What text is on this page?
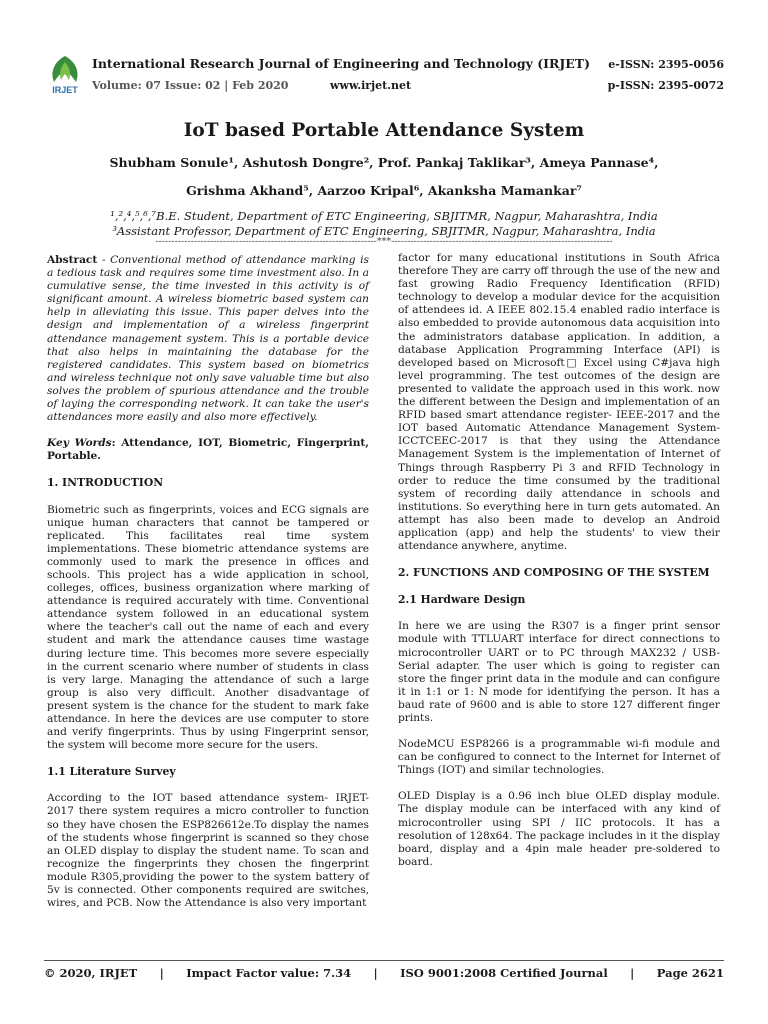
IRJET
International Research Journal of Engineering and Technology (IRJET)
Volume: 07 Issue: 02 | Feb 2020	www.irjet.net
e-ISSN: 2395-0056
p-ISSN: 2395-0072
IoT based Portable Attendance System
Shubham Sonule¹, Ashutosh Dongre², Prof. Pankaj Taklikar³, Ameya Pannase⁴,
Grishma Akhand⁵, Aarzoo Kripal⁶, Akanksha Mamankar⁷
¹,²,⁴,⁵,⁶,⁷B.E. Student, Department of ETC Engineering, SBJITMR, Nagpur, Maharashtra, India
³Assistant Professor, Department of ETC Engineering, SBJITMR, Nagpur, Maharashtra, India
---------------------------------------------------------------------***---------------------------------------------------------------------

Abstract - Conventional method of attendance marking is a tedious task and requires some time investment also. In a cumulative sense, the time invested in this activity is of significant amount. A wireless biometric based system can help in alleviating this issue. This paper delves into the design and implementation of a wireless fingerprint attendance management system. This is a portable device that also helps in maintaining the database for the registered candidates. This system based on biometrics and wireless technique not only save valuable time but also solves the problem of spurious attendance and the trouble of laying the corresponding network. It can take the user's attendances more easily and also more effectively.

Key Words: Attendance, IOT, Biometric, Fingerprint, Portable.

1. INTRODUCTION

Biometric such as fingerprints, voices and ECG signals are unique human characters that cannot be tampered or replicated. This facilitates real time system implementations. These biometric attendance systems are commonly used to mark the presence in offices and schools. This project has a wide application in school, colleges, offices, business organization where marking of attendance is required accurately with time. Conventional attendance system followed in an educational system where the teacher's call out the name of each and every student and mark the attendance causes time wastage during lecture time. This becomes more severe especially in the current scenario where number of students in class is very large. Managing the attendance of such a large group is also very difficult. Another disadvantage of present system is the chance for the student to mark fake attendance. In here the devices are use computer to store and verify fingerprints. Thus by using Fingerprint sensor, the system will become more secure for the users.

1.1 Literature Survey

According to the IOT based attendance system- IRJET- 2017 there system requires a micro controller to function so they have chosen the ESP826612e.To display the names of the students whose fingerprint is scanned so they chose an OLED display to display the student name. To scan and recognize the fingerprints they chosen the fingerprint module R305,providing the power to the system battery of 5v is connected. Other components required are switches, wires, and PCB. Now the Attendance is also very important

factor for many educational institutions in South Africa therefore They are carry off through the use of the new and fast growing Radio Frequency Identification (RFID) technology to develop a modular device for the acquisition of attendees id. A IEEE 802.15.4 enabled radio interface is also embedded to provide autonomous data acquisition into the administrators database application. In addition, a database Application Programming Interface (API) is developed based on Microsoft□ Excel using C#java high level programming. The test outcomes of the design are presented to validate the approach used in this work. now the different between the Design and implementation of an RFID based smart attendance register- IEEE-2017 and the IOT based Automatic Attendance Management System-ICCTCEEC-2017 is that they using the Attendance Management System is the implementation of Internet of Things through Raspberry Pi 3 and RFID Technology in order to reduce the time consumed by the traditional system of recording daily attendance in schools and institutions. So everything here in turn gets automated. An attempt has also been made to develop an Android application (app) and help the students' to view their attendance anywhere, anytime.

2. FUNCTIONS AND COMPOSING OF THE SYSTEM
2.1 Hardware Design

In here we are using the R307 is a finger print sensor module with TTLUART interface for direct connections to microcontroller UART or to PC through MAX232 / USB-Serial adapter. The user which is going to register can store the finger print data in the module and can configure it in 1:1 or 1: N mode for identifying the person. It has a baud rate of 9600 and is able to store 127 different finger prints.

NodeMCU ESP8266 is a programmable wi-fi module and can be configured to connect to the Internet for Internet of Things (IOT) and similar technologies.

OLED Display is a 0.96 inch blue OLED display module. The display module can be interfaced with any kind of microcontroller using SPI / IIC protocols. It has a resolution of 128x64. The package includes in it the display board, display and a 4pin male header pre-soldered to board.

© 2020, IRJET | Impact Factor value: 7.34 | ISO 9001:2008 Certified Journal | Page 2621
